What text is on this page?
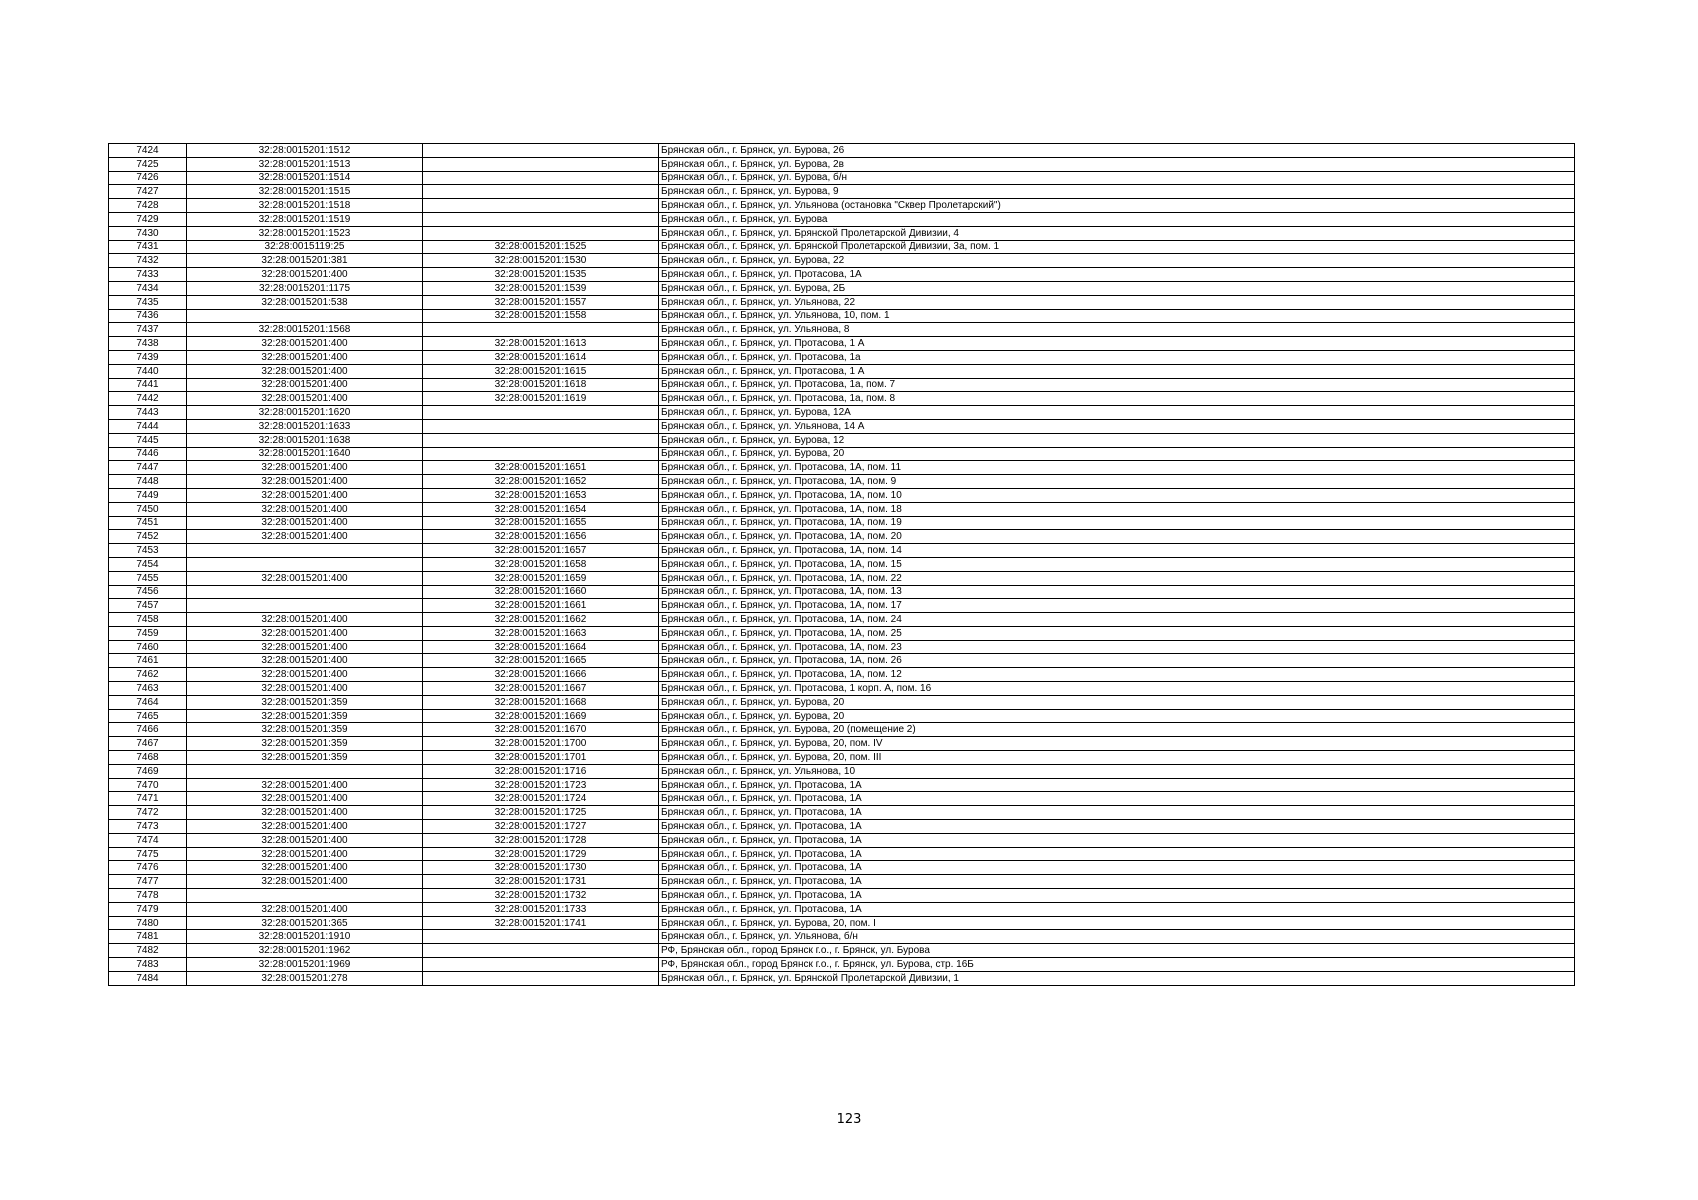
7424	32:28:0015201:1512		Брянская обл., г. Брянск, ул. Бурова, 26
7425	32:28:0015201:1513		Брянская обл., г. Брянск, ул. Бурова, 2в
7426	32:28:0015201:1514		Брянская обл., г. Брянск, ул. Бурова, б/н
7427	32:28:0015201:1515		Брянская обл., г. Брянск, ул. Бурова, 9
7428	32:28:0015201:1518		Брянская обл., г. Брянск, ул. Ульянова (остановка "Сквер Пролетарский")
7429	32:28:0015201:1519		Брянская обл., г. Брянск, ул. Бурова
7430	32:28:0015201:1523		Брянская обл., г. Брянск, ул. Брянской Пролетарской Дивизии, 4
7431	32:28:0015119:25	32:28:0015201:1525	Брянская обл., г. Брянск, ул. Брянской Пролетарской Дивизии, 3а, пом. 1
7432	32:28:0015201:381	32:28:0015201:1530	Брянская обл., г. Брянск, ул. Бурова, 22
7433	32:28:0015201:400	32:28:0015201:1535	Брянская обл., г. Брянск, ул. Протасова, 1А
7434	32:28:0015201:1175	32:28:0015201:1539	Брянская обл., г. Брянск, ул. Бурова, 2Б
7435	32:28:0015201:538	32:28:0015201:1557	Брянская обл., г. Брянск, ул. Ульянова, 22
7436		32:28:0015201:1558	Брянская обл., г. Брянск, ул. Ульянова, 10, пом. 1
7437	32:28:0015201:1568		Брянская обл., г. Брянск, ул. Ульянова, 8
7438	32:28:0015201:400	32:28:0015201:1613	Брянская обл., г. Брянск, ул. Протасова, 1 А
7439	32:28:0015201:400	32:28:0015201:1614	Брянская обл., г. Брянск, ул. Протасова, 1а
7440	32:28:0015201:400	32:28:0015201:1615	Брянская обл., г. Брянск, ул. Протасова, 1 А
7441	32:28:0015201:400	32:28:0015201:1618	Брянская обл., г. Брянск, ул. Протасова, 1а, пом. 7
7442	32:28:0015201:400	32:28:0015201:1619	Брянская обл., г. Брянск, ул. Протасова, 1а, пом. 8
7443	32:28:0015201:1620		Брянская обл., г. Брянск, ул. Бурова, 12А
7444	32:28:0015201:1633		Брянская обл., г. Брянск, ул. Ульянова, 14 А
7445	32:28:0015201:1638		Брянская обл., г. Брянск, ул. Бурова, 12
7446	32:28:0015201:1640		Брянская обл., г. Брянск, ул. Бурова, 20
7447	32:28:0015201:400	32:28:0015201:1651	Брянская обл., г. Брянск, ул. Протасова, 1А, пом. 11
7448	32:28:0015201:400	32:28:0015201:1652	Брянская обл., г. Брянск, ул. Протасова, 1А, пом. 9
7449	32:28:0015201:400	32:28:0015201:1653	Брянская обл., г. Брянск, ул. Протасова, 1А, пом. 10
7450	32:28:0015201:400	32:28:0015201:1654	Брянская обл., г. Брянск, ул. Протасова, 1А, пом. 18
7451	32:28:0015201:400	32:28:0015201:1655	Брянская обл., г. Брянск, ул. Протасова, 1А, пом. 19
7452	32:28:0015201:400	32:28:0015201:1656	Брянская обл., г. Брянск, ул. Протасова, 1А, пом. 20
7453		32:28:0015201:1657	Брянская обл., г. Брянск, ул. Протасова, 1А, пом. 14
7454		32:28:0015201:1658	Брянская обл., г. Брянск, ул. Протасова, 1А, пом. 15
7455	32:28:0015201:400	32:28:0015201:1659	Брянская обл., г. Брянск, ул. Протасова, 1А, пом. 22
7456		32:28:0015201:1660	Брянская обл., г. Брянск, ул. Протасова, 1А, пом. 13
7457		32:28:0015201:1661	Брянская обл., г. Брянск, ул. Протасова, 1А, пом. 17
7458	32:28:0015201:400	32:28:0015201:1662	Брянская обл., г. Брянск, ул. Протасова, 1А, пом. 24
7459	32:28:0015201:400	32:28:0015201:1663	Брянская обл., г. Брянск, ул. Протасова, 1А, пом. 25
7460	32:28:0015201:400	32:28:0015201:1664	Брянская обл., г. Брянск, ул. Протасова, 1А, пом. 23
7461	32:28:0015201:400	32:28:0015201:1665	Брянская обл., г. Брянск, ул. Протасова, 1А, пом. 26
7462	32:28:0015201:400	32:28:0015201:1666	Брянская обл., г. Брянск, ул. Протасова, 1А, пом. 12
7463	32:28:0015201:400	32:28:0015201:1667	Брянская обл., г. Брянск, ул. Протасова, 1 корп. А, пом. 16
7464	32:28:0015201:359	32:28:0015201:1668	Брянская обл., г. Брянск, ул. Бурова, 20
7465	32:28:0015201:359	32:28:0015201:1669	Брянская обл., г. Брянск, ул. Бурова, 20
7466	32:28:0015201:359	32:28:0015201:1670	Брянская обл., г. Брянск, ул. Бурова, 20 (помещение 2)
7467	32:28:0015201:359	32:28:0015201:1700	Брянская обл., г. Брянск, ул. Бурова, 20, пом. IV
7468	32:28:0015201:359	32:28:0015201:1701	Брянская обл., г. Брянск, ул. Бурова, 20, пом. III
7469		32:28:0015201:1716	Брянская обл., г. Брянск, ул. Ульянова, 10
7470	32:28:0015201:400	32:28:0015201:1723	Брянская обл., г. Брянск, ул. Протасова, 1А
7471	32:28:0015201:400	32:28:0015201:1724	Брянская обл., г. Брянск, ул. Протасова, 1А
7472	32:28:0015201:400	32:28:0015201:1725	Брянская обл., г. Брянск, ул. Протасова, 1А
7473	32:28:0015201:400	32:28:0015201:1727	Брянская обл., г. Брянск, ул. Протасова, 1А
7474	32:28:0015201:400	32:28:0015201:1728	Брянская обл., г. Брянск, ул. Протасова, 1А
7475	32:28:0015201:400	32:28:0015201:1729	Брянская обл., г. Брянск, ул. Протасова, 1А
7476	32:28:0015201:400	32:28:0015201:1730	Брянская обл., г. Брянск, ул. Протасова, 1А
7477	32:28:0015201:400	32:28:0015201:1731	Брянская обл., г. Брянск, ул. Протасова, 1А
7478		32:28:0015201:1732	Брянская обл., г. Брянск, ул. Протасова, 1А
7479	32:28:0015201:400	32:28:0015201:1733	Брянская обл., г. Брянск, ул. Протасова, 1А
7480	32:28:0015201:365	32:28:0015201:1741	Брянская обл., г. Брянск, ул. Бурова, 20, пом. I
7481	32:28:0015201:1910		Брянская обл., г. Брянск, ул. Ульянова, б/н
7482	32:28:0015201:1962		РФ, Брянская обл., город Брянск г.о., г. Брянск, ул. Бурова
7483	32:28:0015201:1969		РФ, Брянская обл., город Брянск г.о., г. Брянск, ул. Бурова, стр. 16Б
7484	32:28:0015201:278		Брянская обл., г. Брянск, ул. Брянской Пролетарской Дивизии, 1
123
